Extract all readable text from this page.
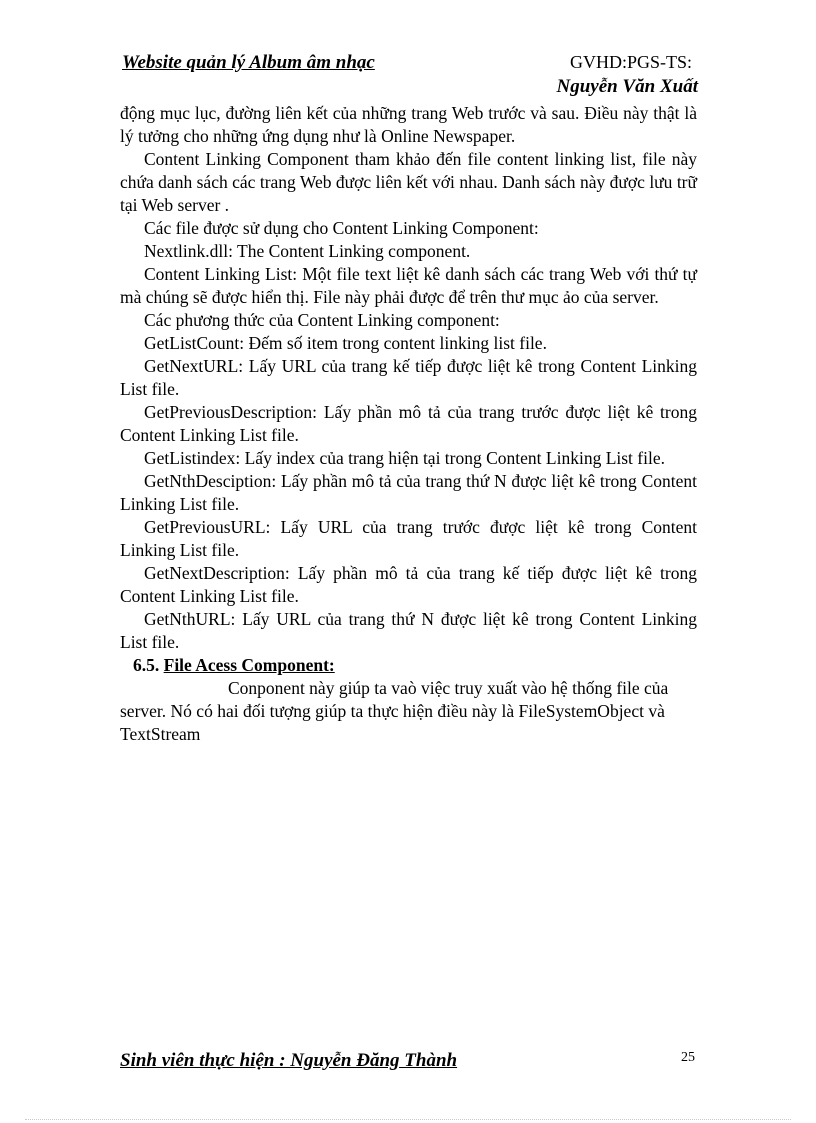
Website quản lý Album âm nhạc	GVHD:PGS-TS:
Nguyễn Văn Xuất

động mục lục, đường liên kết của những trang Web trước và sau. Điều này thật là lý tưởng cho những ứng dụng như là Online Newspaper.

Content Linking Component tham khảo đến file content linking list, file này chứa danh sách các trang Web được liên kết với nhau. Danh sách này được lưu trữ tại Web server .

Các file được sử dụng cho Content Linking Component:

Nextlink.dll: The Content Linking component.

Content Linking List: Một file text liệt kê danh sách các trang Web với thứ tự mà chúng sẽ được hiển thị. File này phải được để trên thư mục ảo của server.

Các phương thức của Content Linking component:

GetListCount: Đếm số item trong content linking list file.

GetNextURL: Lấy URL của trang kế tiếp được liệt kê trong Content Linking List file.

GetPreviousDescription: Lấy phần mô tả của trang trước được liệt kê trong Content Linking List file.

GetListindex: Lấy index của trang hiện tại trong Content Linking List file.

GetNthDesciption: Lấy phần mô tả của trang thứ N được liệt kê trong Content Linking List file.

GetPreviousURL: Lấy URL của trang trước được liệt kê trong Content Linking List file.

GetNextDescription: Lấy phần mô tả của trang kế tiếp được liệt kê trong Content Linking List file.

GetNthURL: Lấy URL của trang thứ N được liệt kê trong Content Linking List file.

6.5. File Acess Component:

Conponent này giúp ta vaò việc truy xuất vào hệ thống file của server. Nó có hai đối tượng giúp ta thực hiện điều này là FileSystemObject và TextStream

Sinh viên thực hiện : Nguyễn Đăng Thành	25
